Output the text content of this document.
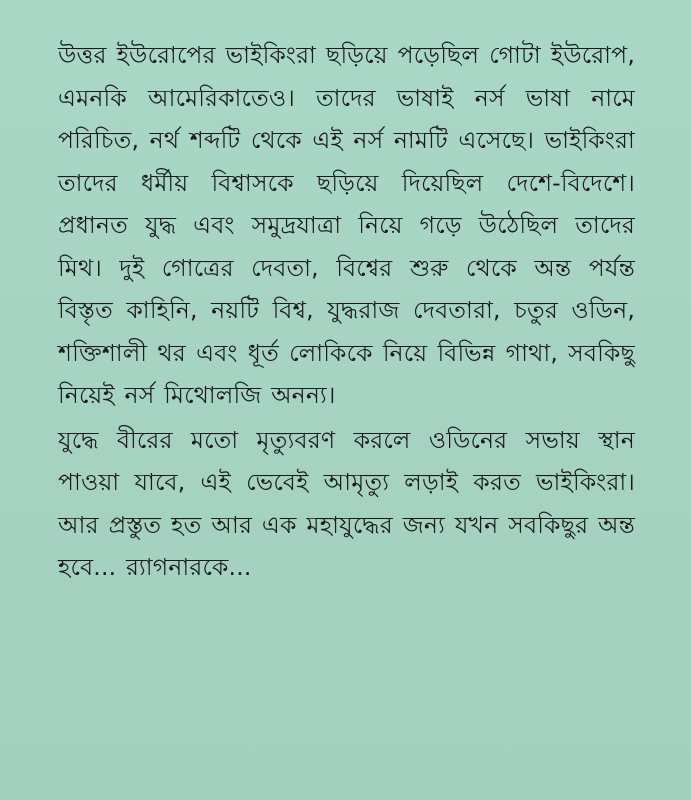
উত্তর ইউরোপের ভাইকিংরা ছড়িয়ে পড়েছিল গোটা ইউরোপ, এমনকি আমেরিকাতেও। তাদের ভাষাই নর্স ভাষা নামে পরিচিত, নর্থ শব্দটি থেকে এই নর্স নামটি এসেছে। ভাইকিংরা তাদের ধর্মীয় বিশ্বাসকে ছড়িয়ে দিয়েছিল দেশে-বিদেশে। প্রধানত যুদ্ধ এবং সমুদ্রযাত্রা নিয়ে গড়ে উঠেছিল তাদের মিথ। দুই গোত্রের দেবতা, বিশ্বের শুরু থেকে অন্ত পর্যন্ত বিস্তৃত কাহিনি, নয়টি বিশ্ব, যুদ্ধরাজ দেবতারা, চতুর ওডিন, শক্তিশালী থর এবং ধূর্ত লোকিকে নিয়ে বিভিন্ন গাথা, সবকিছু নিয়েই নর্স মিথোলজি অনন্য।

যুদ্ধে বীরের মতো মৃত্যুবরণ করলে ওডিনের সভায় স্থান পাওয়া যাবে, এই ভেবেই আমৃত্যু লড়াই করত ভাইকিংরা। আর প্রস্তুত হত আর এক মহাযুদ্ধের জন্য যখন সবকিছুর অন্ত হবে... র‍্যাগনারকে...
